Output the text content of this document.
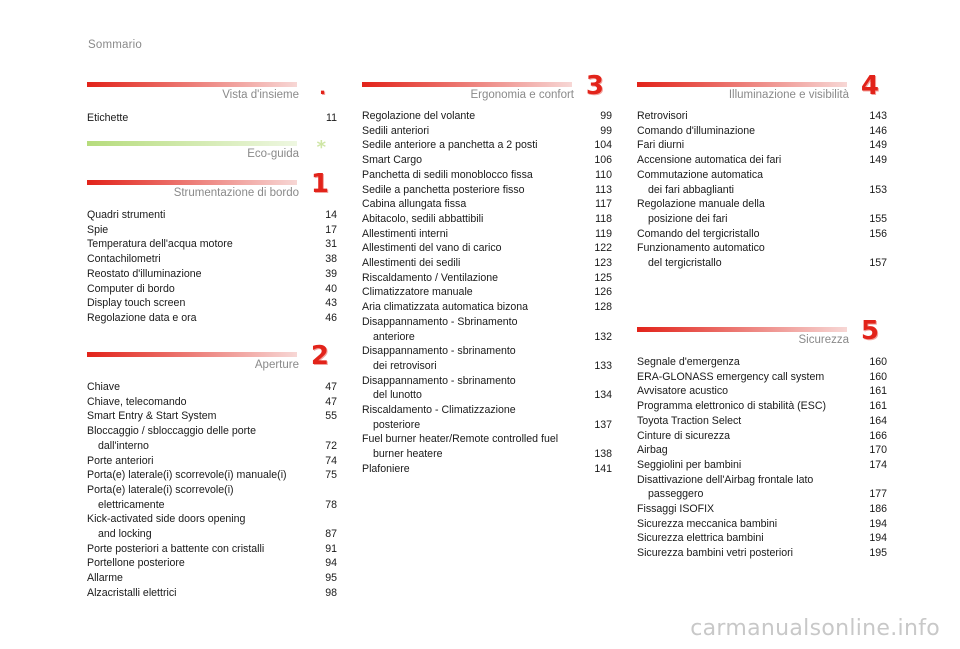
Sommario
Vista d'insieme .
Etichette	11
Eco-guida *
Strumentazione di bordo 1
Quadri strumenti	14
Spie	17
Temperatura dell'acqua motore	31
Contachilometri	38
Reostato d'illuminazione	39
Computer di bordo	40
Display touch screen	43
Regolazione data e ora	46
Aperture 2
Chiave	47
Chiave, telecomando	47
Smart Entry & Start System	55
Bloccaggio / sbloccaggio delle porte
dall'interno	72
Porte anteriori	74
Porta(e) laterale(i) scorrevole(i) manuale(i)	75
Porta(e) laterale(i) scorrevole(i)
elettricamente	78
Kick-activated side doors opening
and locking	87
Porte posteriori a battente con cristalli	91
Portellone posteriore	94
Allarme	95
Alzacristalli elettrici	98
Ergonomia e confort 3
Regolazione del volante	99
Sedili anteriori	99
Sedile anteriore a panchetta a 2 posti	104
Smart Cargo	106
Panchetta di sedili monoblocco fissa	110
Sedile a panchetta posteriore fisso	113
Cabina allungata fissa	117
Abitacolo, sedili abbattibili	118
Allestimenti interni	119
Allestimenti del vano di carico	122
Allestimenti dei sedili	123
Riscaldamento / Ventilazione	125
Climatizzatore manuale	126
Aria climatizzata automatica bizona	128
Disappannamento - Sbrinamento
anteriore	132
Disappannamento - sbrinamento
dei retrovisori	133
Disappannamento - sbrinamento
del lunotto	134
Riscaldamento - Climatizzazione
posteriore	137
Fuel burner heater/Remote controlled fuel
burner heatere	138
Plafoniere	141
Illuminazione e visibilità 4
Retrovisori	143
Comando d'illuminazione	146
Fari diurni	149
Accensione automatica dei fari	149
Commutazione automatica
dei fari abbaglianti	153
Regolazione manuale della
posizione dei fari	155
Comando del tergicristallo	156
Funzionamento automatico
del tergicristallo	157
Sicurezza 5
Segnale d'emergenza	160
ERA-GLONASS emergency call system	160
Avvisatore acustico	161
Programma elettronico di stabilità (ESC)	161
Toyota Traction Select	164
Cinture di sicurezza	166
Airbag	170
Seggiolini per bambini	174
Disattivazione dell'Airbag frontale lato
passeggero	177
Fissaggi ISOFIX	186
Sicurezza meccanica bambini	194
Sicurezza elettrica bambini	194
Sicurezza bambini vetri posteriori	195
carmanualsonline.info
